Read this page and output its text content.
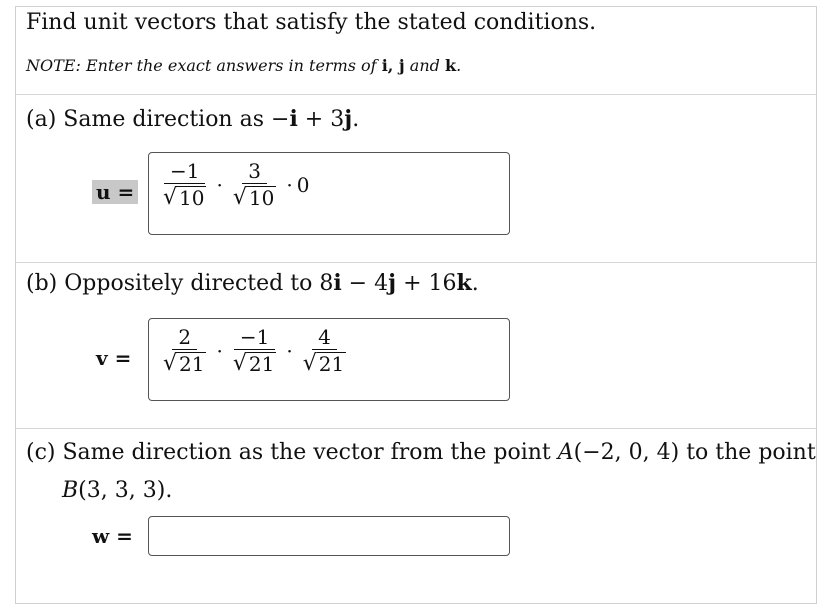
Find unit vectors that satisfy the stated conditions.
NOTE: Enter the exact answers in terms of i, j and k.
(a) Same direction as −i + 3j.
$u = \frac{-1}{√ 10} \cdot \frac{3}{√ 10} \cdot 0$
(b) Oppositely directed to 8i − 4j + 16k.
$v = \frac{2}{√ 21} \cdot \frac{-1}{√ 21} \cdot \frac{4}{√ 21}$
(c) Same direction as the vector from the point A(−2, 0, 4) to the point
B(3, 3, 3).
w =
